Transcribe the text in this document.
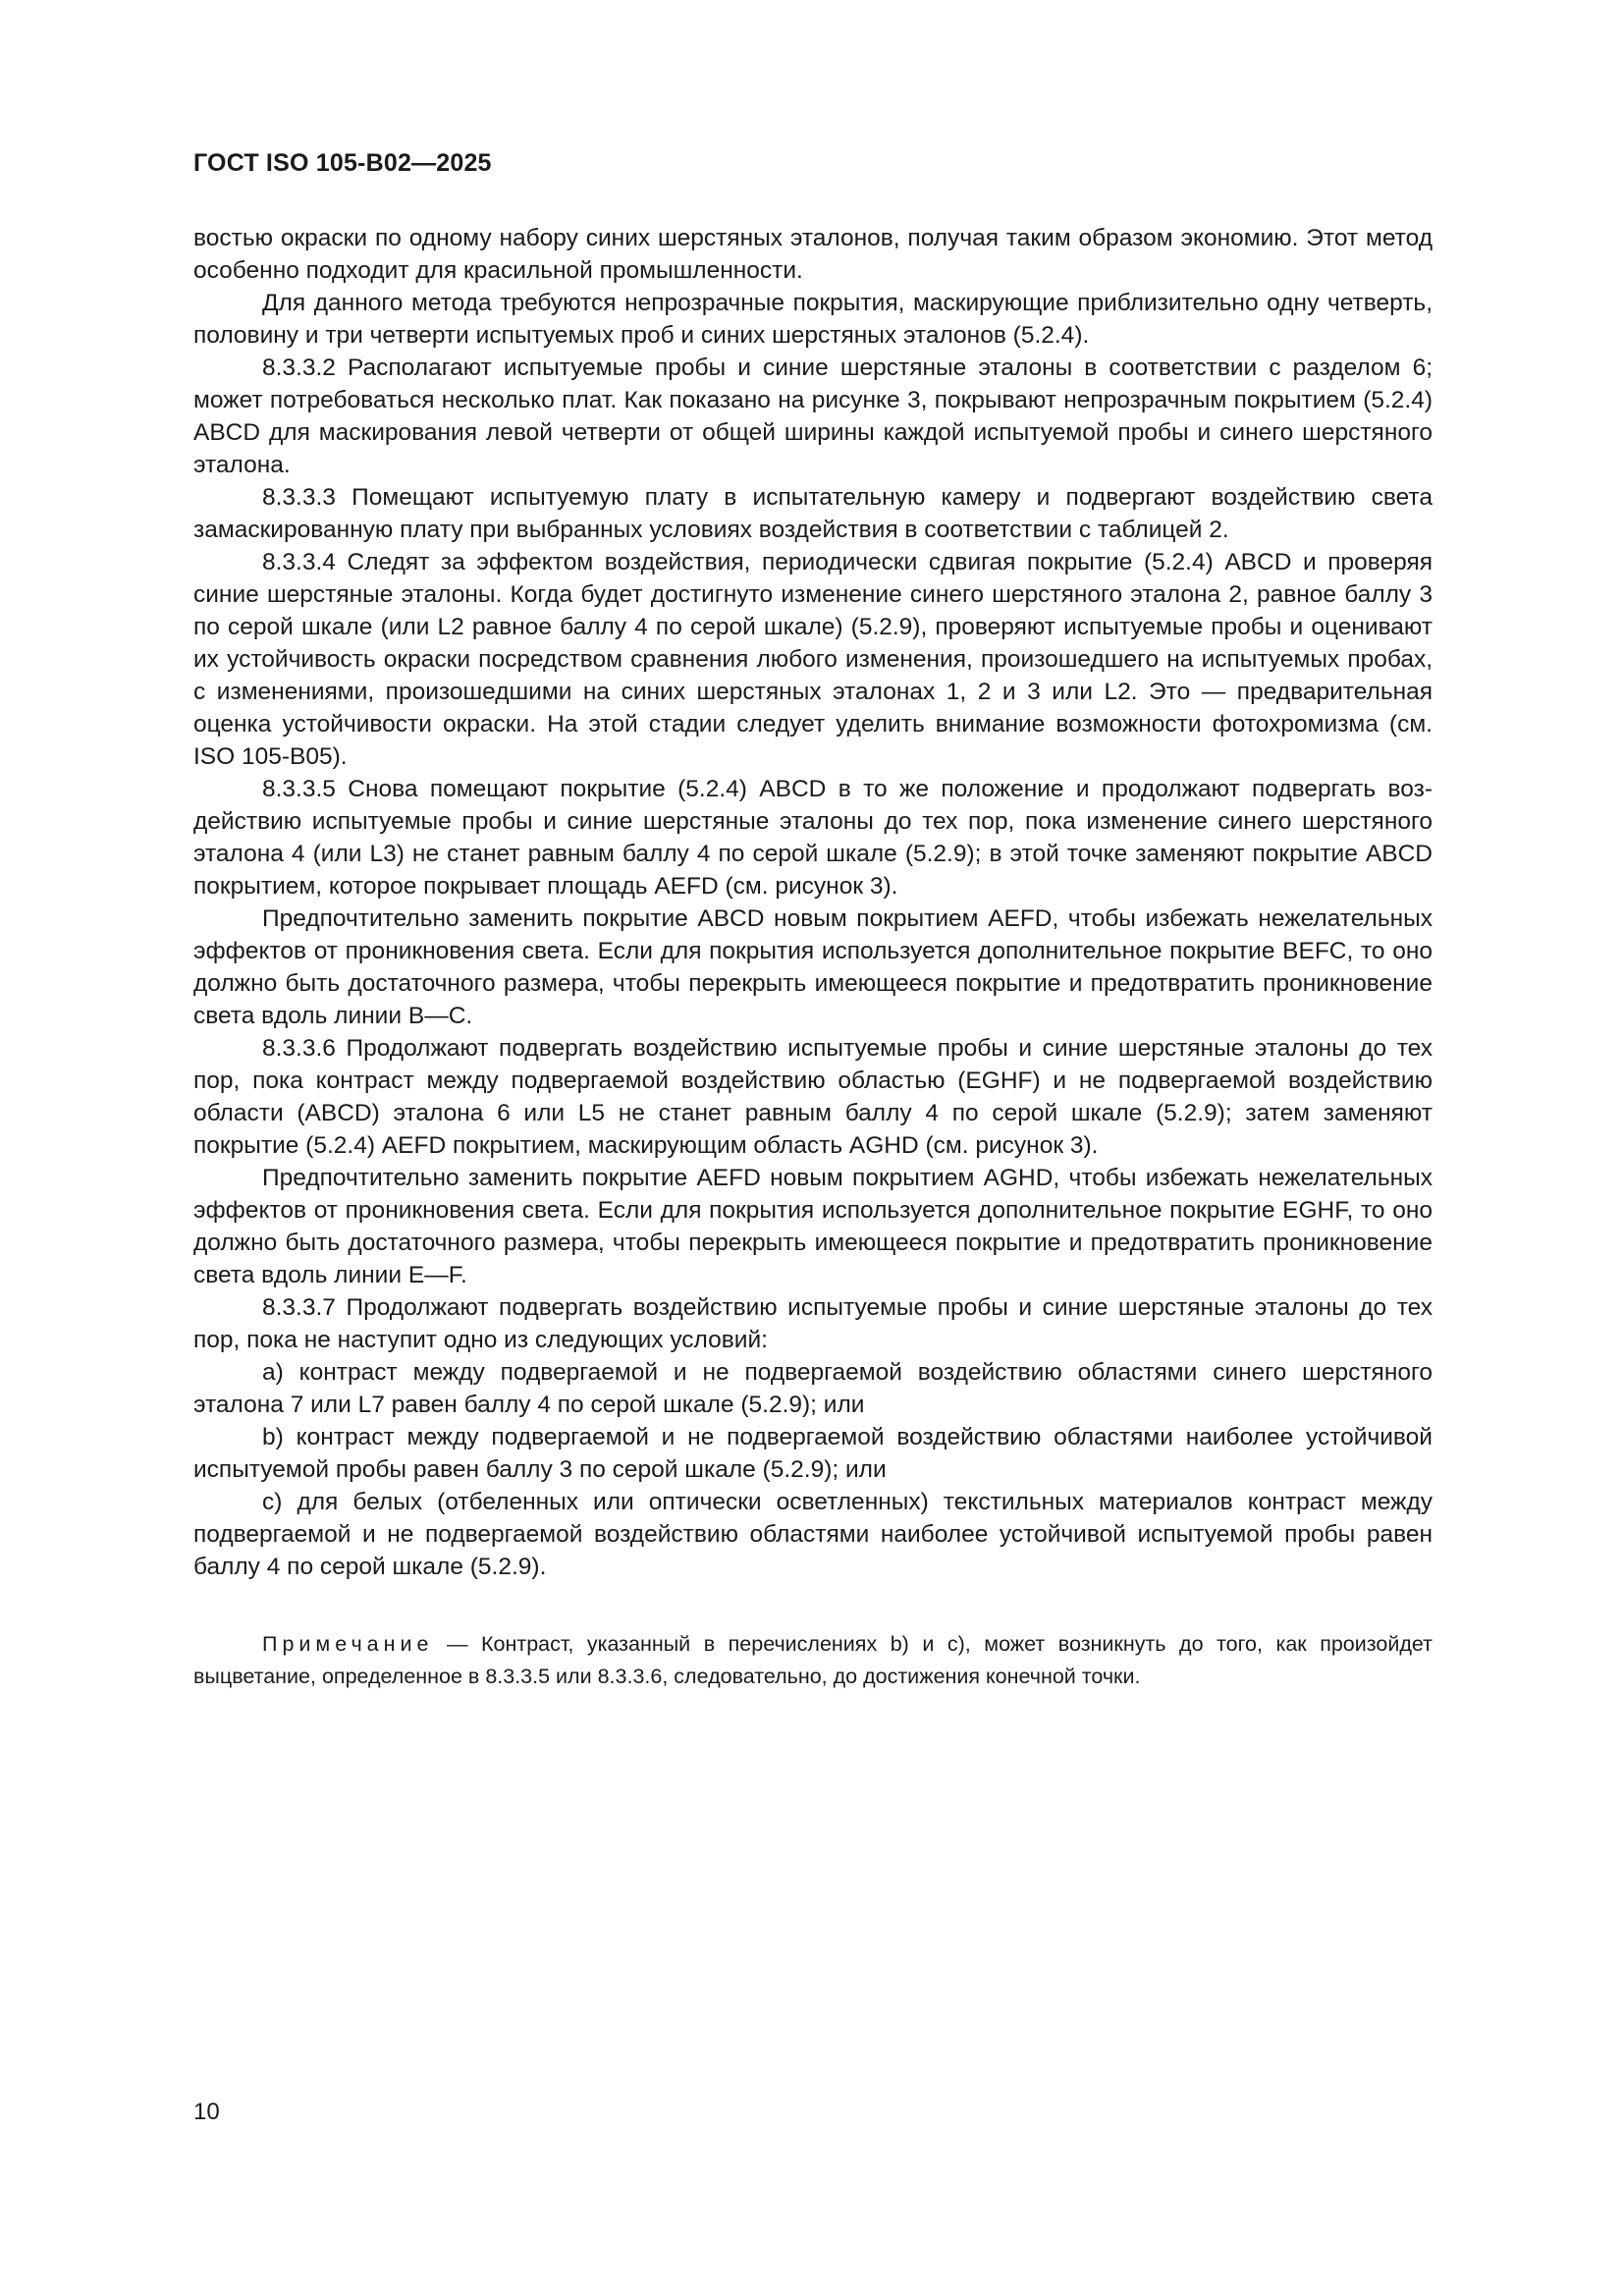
ГОСТ ISO 105-B02—2025

востью окраски по одному набору синих шерстяных эталонов, получая таким образом экономию. Этот метод особенно подходит для красильной промышленности.

Для данного метода требуются непрозрачные покрытия, маскирующие приблизительно одну четверть, половину и три четверти испытуемых проб и синих шерстяных эталонов (5.2.4).

8.3.3.2 Располагают испытуемые пробы и синие шерстяные эталоны в соответствии с разделом 6; может потребоваться несколько плат. Как показано на рисунке 3, покрывают непрозрачным покрытием (5.2.4) ABCD для маскирования левой четверти от общей ширины каждой испытуемой пробы и синего шерстяного эталона.

8.3.3.3 Помещают испытуемую плату в испытательную камеру и подвергают воздействию света замаскированную плату при выбранных условиях воздействия в соответствии с таблицей 2.

8.3.3.4 Следят за эффектом воздействия, периодически сдвигая покрытие (5.2.4) ABCD и проверяя синие шерстяные эталоны. Когда будет достигнуто изменение синего шерстяного эталона 2, равное баллу 3 по серой шкале (или L2 равное баллу 4 по серой шкале) (5.2.9), проверяют испытуемые пробы и оценивают их устойчивость окраски посредством сравнения любого изменения, произошедшего на испытуемых пробах, с изменениями, произошедшими на синих шерстяных эталонах 1, 2 и 3 или L2. Это — предварительная оценка устойчивости окраски. На этой стадии следует уделить внимание возможности фотохромизма (см. ISO 105-B05).

8.3.3.5 Снова помещают покрытие (5.2.4) ABCD в то же положение и продолжают подвергать воздействию испытуемые пробы и синие шерстяные эталоны до тех пор, пока изменение синего шерстяного эталона 4 (или L3) не станет равным баллу 4 по серой шкале (5.2.9); в этой точке заменяют покрытие ABCD покрытием, которое покрывает площадь AEFD (см. рисунок 3).

Предпочтительно заменить покрытие ABCD новым покрытием AEFD, чтобы избежать нежелательных эффектов от проникновения света. Если для покрытия используется дополнительное покрытие BEFC, то оно должно быть достаточного размера, чтобы перекрыть имеющееся покрытие и предотвратить проникновение света вдоль линии B—C.

8.3.3.6 Продолжают подвергать воздействию испытуемые пробы и синие шерстяные эталоны до тех пор, пока контраст между подвергаемой воздействию областью (EGHF) и не подвергаемой воздействию области (ABCD) эталона 6 или L5 не станет равным баллу 4 по серой шкале (5.2.9); затем заменяют покрытие (5.2.4) AEFD покрытием, маскирующим область AGHD (см. рисунок 3).

Предпочтительно заменить покрытие AEFD новым покрытием AGHD, чтобы избежать нежелательных эффектов от проникновения света. Если для покрытия используется дополнительное покрытие EGHF, то оно должно быть достаточного размера, чтобы перекрыть имеющееся покрытие и предотвратить проникновение света вдоль линии E—F.

8.3.3.7 Продолжают подвергать воздействию испытуемые пробы и синие шерстяные эталоны до тех пор, пока не наступит одно из следующих условий:

a) контраст между подвергаемой и не подвергаемой воздействию областями синего шерстяного эталона 7 или L7 равен баллу 4 по серой шкале (5.2.9); или

b) контраст между подвергаемой и не подвергаемой воздействию областями наиболее устойчивой испытуемой пробы равен баллу 3 по серой шкале (5.2.9); или

c) для белых (отбеленных или оптически осветленных) текстильных материалов контраст между подвергаемой и не подвергаемой воздействию областями наиболее устойчивой испытуемой пробы равен баллу 4 по серой шкале (5.2.9).

Примечание — Контраст, указанный в перечислениях b) и c), может возникнуть до того, как произойдет выцветание, определенное в 8.3.3.5 или 8.3.3.6, следовательно, до достижения конечной точки.

10
